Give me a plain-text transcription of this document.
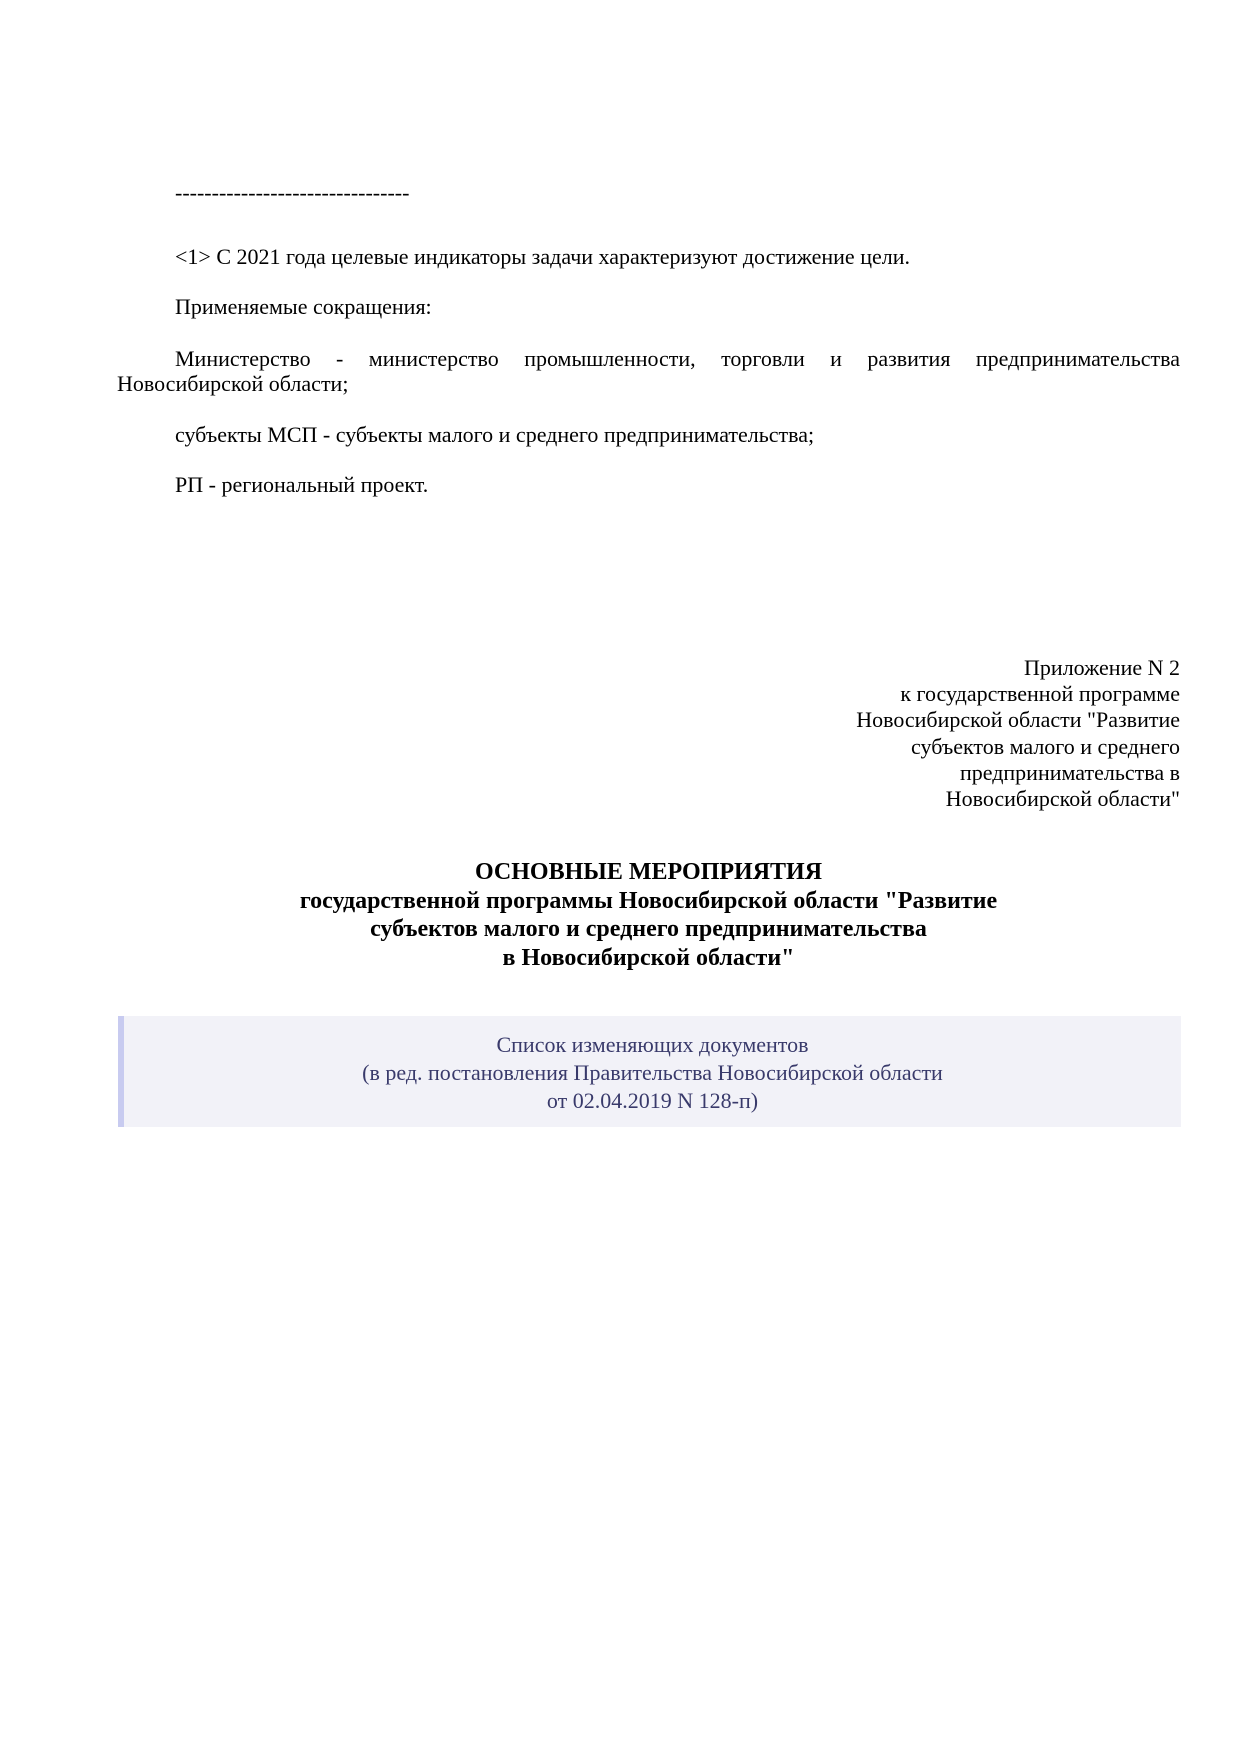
--------------------------------
<1> С 2021 года целевые индикаторы задачи характеризуют достижение цели.
Применяемые сокращения:
Министерство - министерство промышленности, торговли и развития предпринимательства Новосибирской области;
субъекты МСП - субъекты малого и среднего предпринимательства;
РП - региональный проект.
Приложение N 2
к государственной программе
Новосибирской области "Развитие
субъектов малого и среднего
предпринимательства в
Новосибирской области"
ОСНОВНЫЕ МЕРОПРИЯТИЯ
государственной программы Новосибирской области "Развитие
субъектов малого и среднего предпринимательства
в Новосибирской области"
Список изменяющих документов
(в ред. постановления Правительства Новосибирской области
от 02.04.2019 N 128-п)
